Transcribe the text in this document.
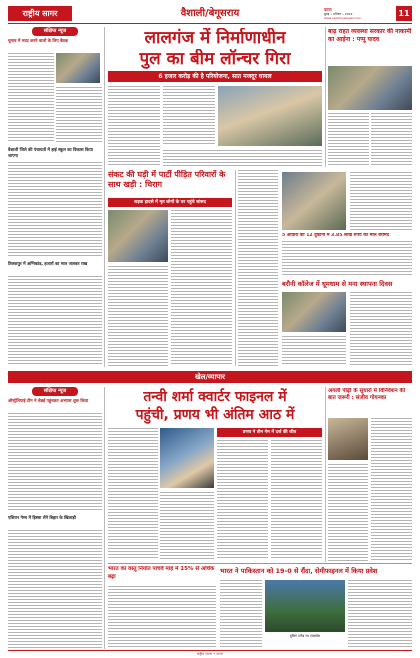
राष्ट्रीय सागर	वैशाली/बेगूसराय	पटना
सुबह • शनिवार • 2024
www.rashtriyasagar.com	11
संक्षिप्त न्यूज
चुनाव में मदद करने वालों के लिए बैठक
वैशाली जिले की पंचायतों में हाई स्कूल का विकास किया जाएगा
तिलकपुर में अग्निकांड, हजारों का माल जलकर राख
लालगंज में निर्माणाधीन
पुल का बीम लॉन्चर गिरा
6 हजार करोड़ की है परियोजना, सात मजदूर घायल
बाढ़ राहत व्यवस्था सरकार की नाकामी का आईना : पप्पू यादव
संकट की घड़ी में पार्टी पीड़ित परिवारों के साथ खड़ी : चिराग
सड़क हादसे में मृत लोगों के घर पहुंचे सांसद
5 आवारों की 12 दुकानों में 3.85 लाख रुपये का माल बरामद
बरौनी कॉलेज में धूमधाम से मना स्थापना दिवस
खेल/व्यापार
संक्षिप्त न्यूज
ऑस्ट्रेलियाई टीम ने चेन्नई पहुंचकर अभ्यास शुरू किया
एशियन गेम्स में हिस्सा लेंगे बिहार के खिलाड़ी
तन्वी शर्मा क्वार्टर फाइनल में
पहुंची, प्रणय भी अंतिम आठ में
प्रणय ने तीन गेम में दर्ज की जीत
अगली पीढ़ी के सुधारों में विनिवेशन की बात जरूरी : संजीव गोयनका
भारत का वस्तु निर्यात पांचवें माह में 15% से अधिक बढ़ा
भारत ने पाकिस्तान को 19-0 से रौंदा, सेमीफाइनल में किया प्रवेश
बुकिंग गरीब रथ एक्सप्रेस
राष्ट्रीय सागर • पटना
